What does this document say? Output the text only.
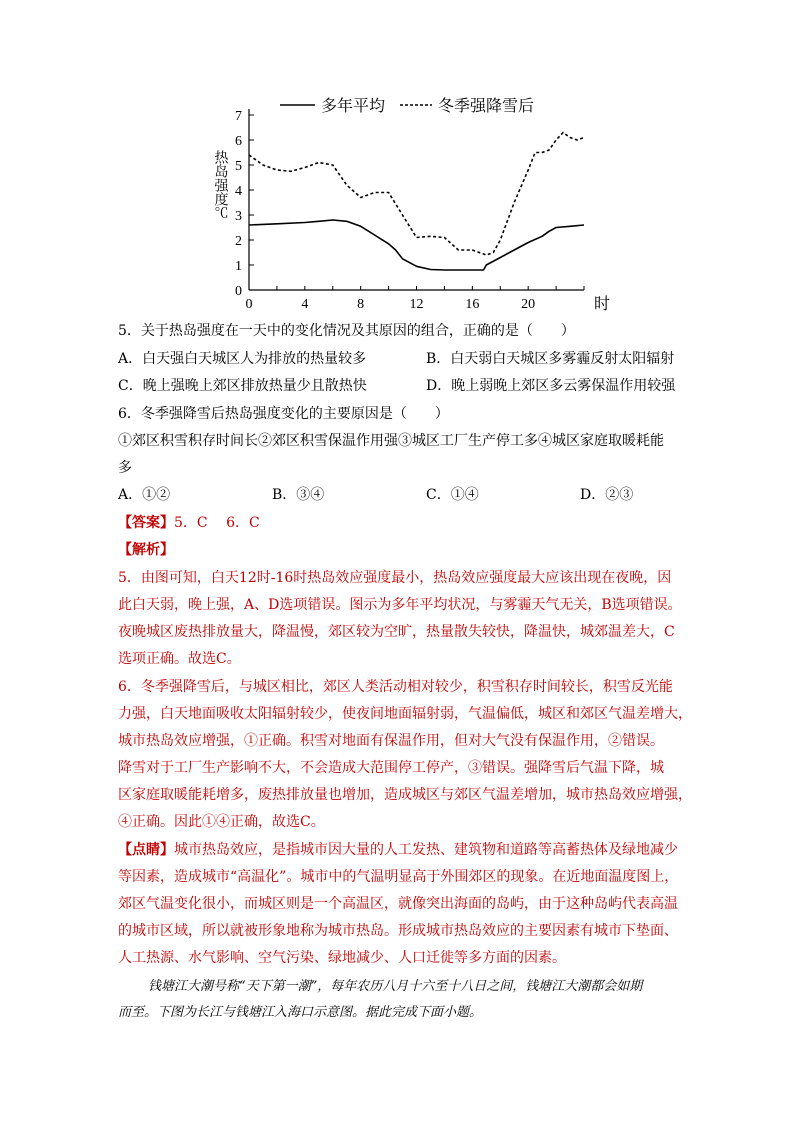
0
1
2
3
4
5
6
7
0	4	8	12	16	20	时
热岛强度℃
多年平均	冬季强降雪后
5．关于热岛强度在一天中的变化情况及其原因的组合，正确的是（　　）
A．白天强白天城区人为排放的热量较多	B．白天弱白天城区多雾霾反射太阳辐射
C．晚上强晚上郊区排放热量少且散热快	D．晚上弱晚上郊区多云雾保温作用较强
6．冬季强降雪后热岛强度变化的主要原因是（　　）
①郊区积雪积存时间长②郊区积雪保温作用强③城区工厂生产停工多④城区家庭取暖耗能
多
A．①②	B．③④	C．①④	D．②③
【答案】5．C　 6．C
【解析】
5．由图可知，白天12时-16时热岛效应强度最小，热岛效应强度最大应该出现在夜晚，因
此白天弱，晚上强，A、D选项错误。图示为多年平均状况，与雾霾天气无关，B选项错误。
夜晚城区废热排放量大，降温慢，郊区较为空旷，热量散失较快，降温快，城郊温差大，C
选项正确。故选C。
6．冬季强降雪后，与城区相比，郊区人类活动相对较少，积雪积存时间较长，积雪反光能
力强，白天地面吸收太阳辐射较少，使夜间地面辐射弱，气温偏低，城区和郊区气温差增大，
城市热岛效应增强，①正确。积雪对地面有保温作用，但对大气没有保温作用，②错误。
降雪对于工厂生产影响不大，不会造成大范围停工停产，③错误。强降雪后气温下降，城
区家庭取暖能耗增多，废热排放量也增加，造成城区与郊区气温差增加，城市热岛效应增强，
④正确。因此①④正确，故选C。
【点睛】城市热岛效应，是指城市因大量的人工发热、建筑物和道路等高蓄热体及绿地减少
等因素，造成城市“高温化”。城市中的气温明显高于外围郊区的现象。在近地面温度图上，
郊区气温变化很小，而城区则是一个高温区，就像突出海面的岛屿，由于这种岛屿代表高温
的城市区域，所以就被形象地称为城市热岛。形成城市热岛效应的主要因素有城市下垫面、
人工热源、水气影响、空气污染、绿地减少、人口迁徙等多方面的因素。
钱塘江大潮号称“天下第一潮”，每年农历八月十六至十八日之间，钱塘江大潮都会如期
而至。下图为长江与钱塘江入海口示意图。据此完成下面小题。
